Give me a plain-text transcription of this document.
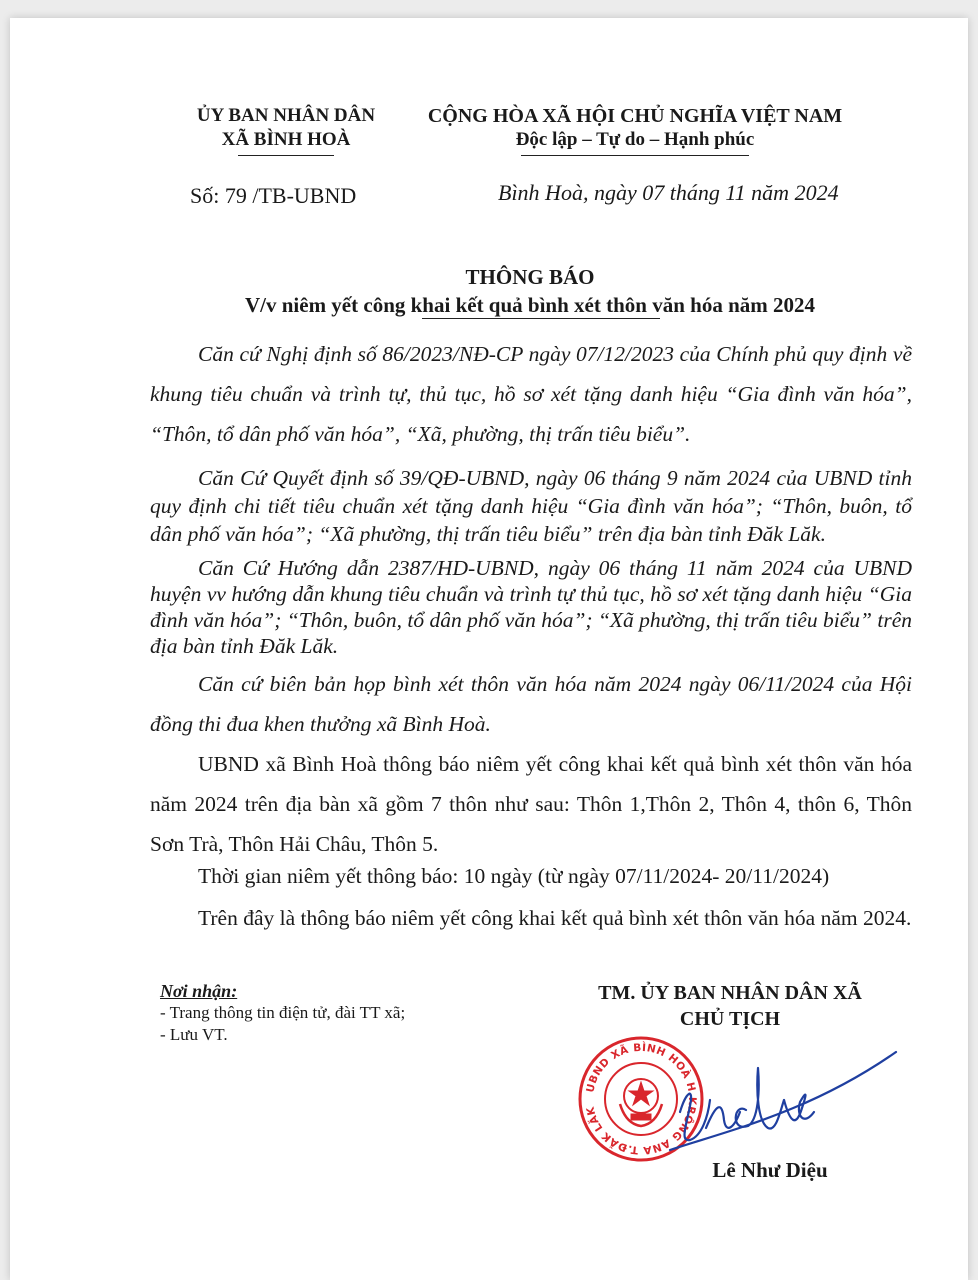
ỦY BAN NHÂN DÂN
XÃ BÌNH HOÀ
CỘNG HÒA XÃ HỘI CHỦ NGHĨA VIỆT NAM
Độc lập – Tự do – Hạnh phúc
Số: 79 /TB-UBND	Bình Hoà, ngày 07 tháng 11 năm 2024
THÔNG BÁO
V/v niêm yết công khai kết quả bình xét thôn văn hóa năm 2024

Căn cứ Nghị định số 86/2023/NĐ-CP ngày 07/12/2023 của Chính phủ quy định về khung tiêu chuẩn và trình tự, thủ tục, hồ sơ xét tặng danh hiệu “Gia đình văn hóa”, “Thôn, tổ dân phố văn hóa”, “Xã, phường, thị trấn tiêu biểu”.

Căn Cứ Quyết định số 39/QĐ-UBND, ngày 06 tháng 9 năm 2024 của UBND tỉnh quy định chi tiết tiêu chuẩn xét tặng danh hiệu “Gia đình văn hóa”; “Thôn, buôn, tổ dân phố văn hóa”; “Xã phường, thị trấn tiêu biểu” trên địa bàn tỉnh Đăk Lăk.

Căn Cứ Hướng dẫn 2387/HD-UBND, ngày 06 tháng 11 năm 2024 của UBND huyện vv hướng dẫn khung tiêu chuẩn và trình tự thủ tục, hồ sơ xét tặng danh hiệu “Gia đình văn hóa”; “Thôn, buôn, tổ dân phố văn hóa”; “Xã phường, thị trấn tiêu biểu” trên địa bàn tỉnh Đăk Lăk.

Căn cứ biên bản họp bình xét thôn văn hóa năm 2024 ngày 06/11/2024 của Hội đồng thi đua khen thưởng xã Bình Hoà.

UBND xã Bình Hoà thông báo niêm yết công khai kết quả bình xét thôn văn hóa năm 2024 trên địa bàn xã gồm 7 thôn như sau: Thôn 1,Thôn 2, Thôn 4, thôn 6, Thôn Sơn Trà, Thôn Hải Châu, Thôn 5.

Thời gian niêm yết thông báo: 10 ngày (từ ngày 07/11/2024- 20/11/2024)

Trên đây là thông báo niêm yết công khai kết quả bình xét thôn văn hóa năm 2024.

Nơi nhận:
- Trang thông tin điện tử, đài TT xã;
- Lưu VT.
TM. ỦY BAN NHÂN DÂN XÃ
CHỦ TỊCH
UBND XÃ BÌNH HOÀ H.KRÔNG ANA T.ĐĂK LĂK
Lê Như Diệu
